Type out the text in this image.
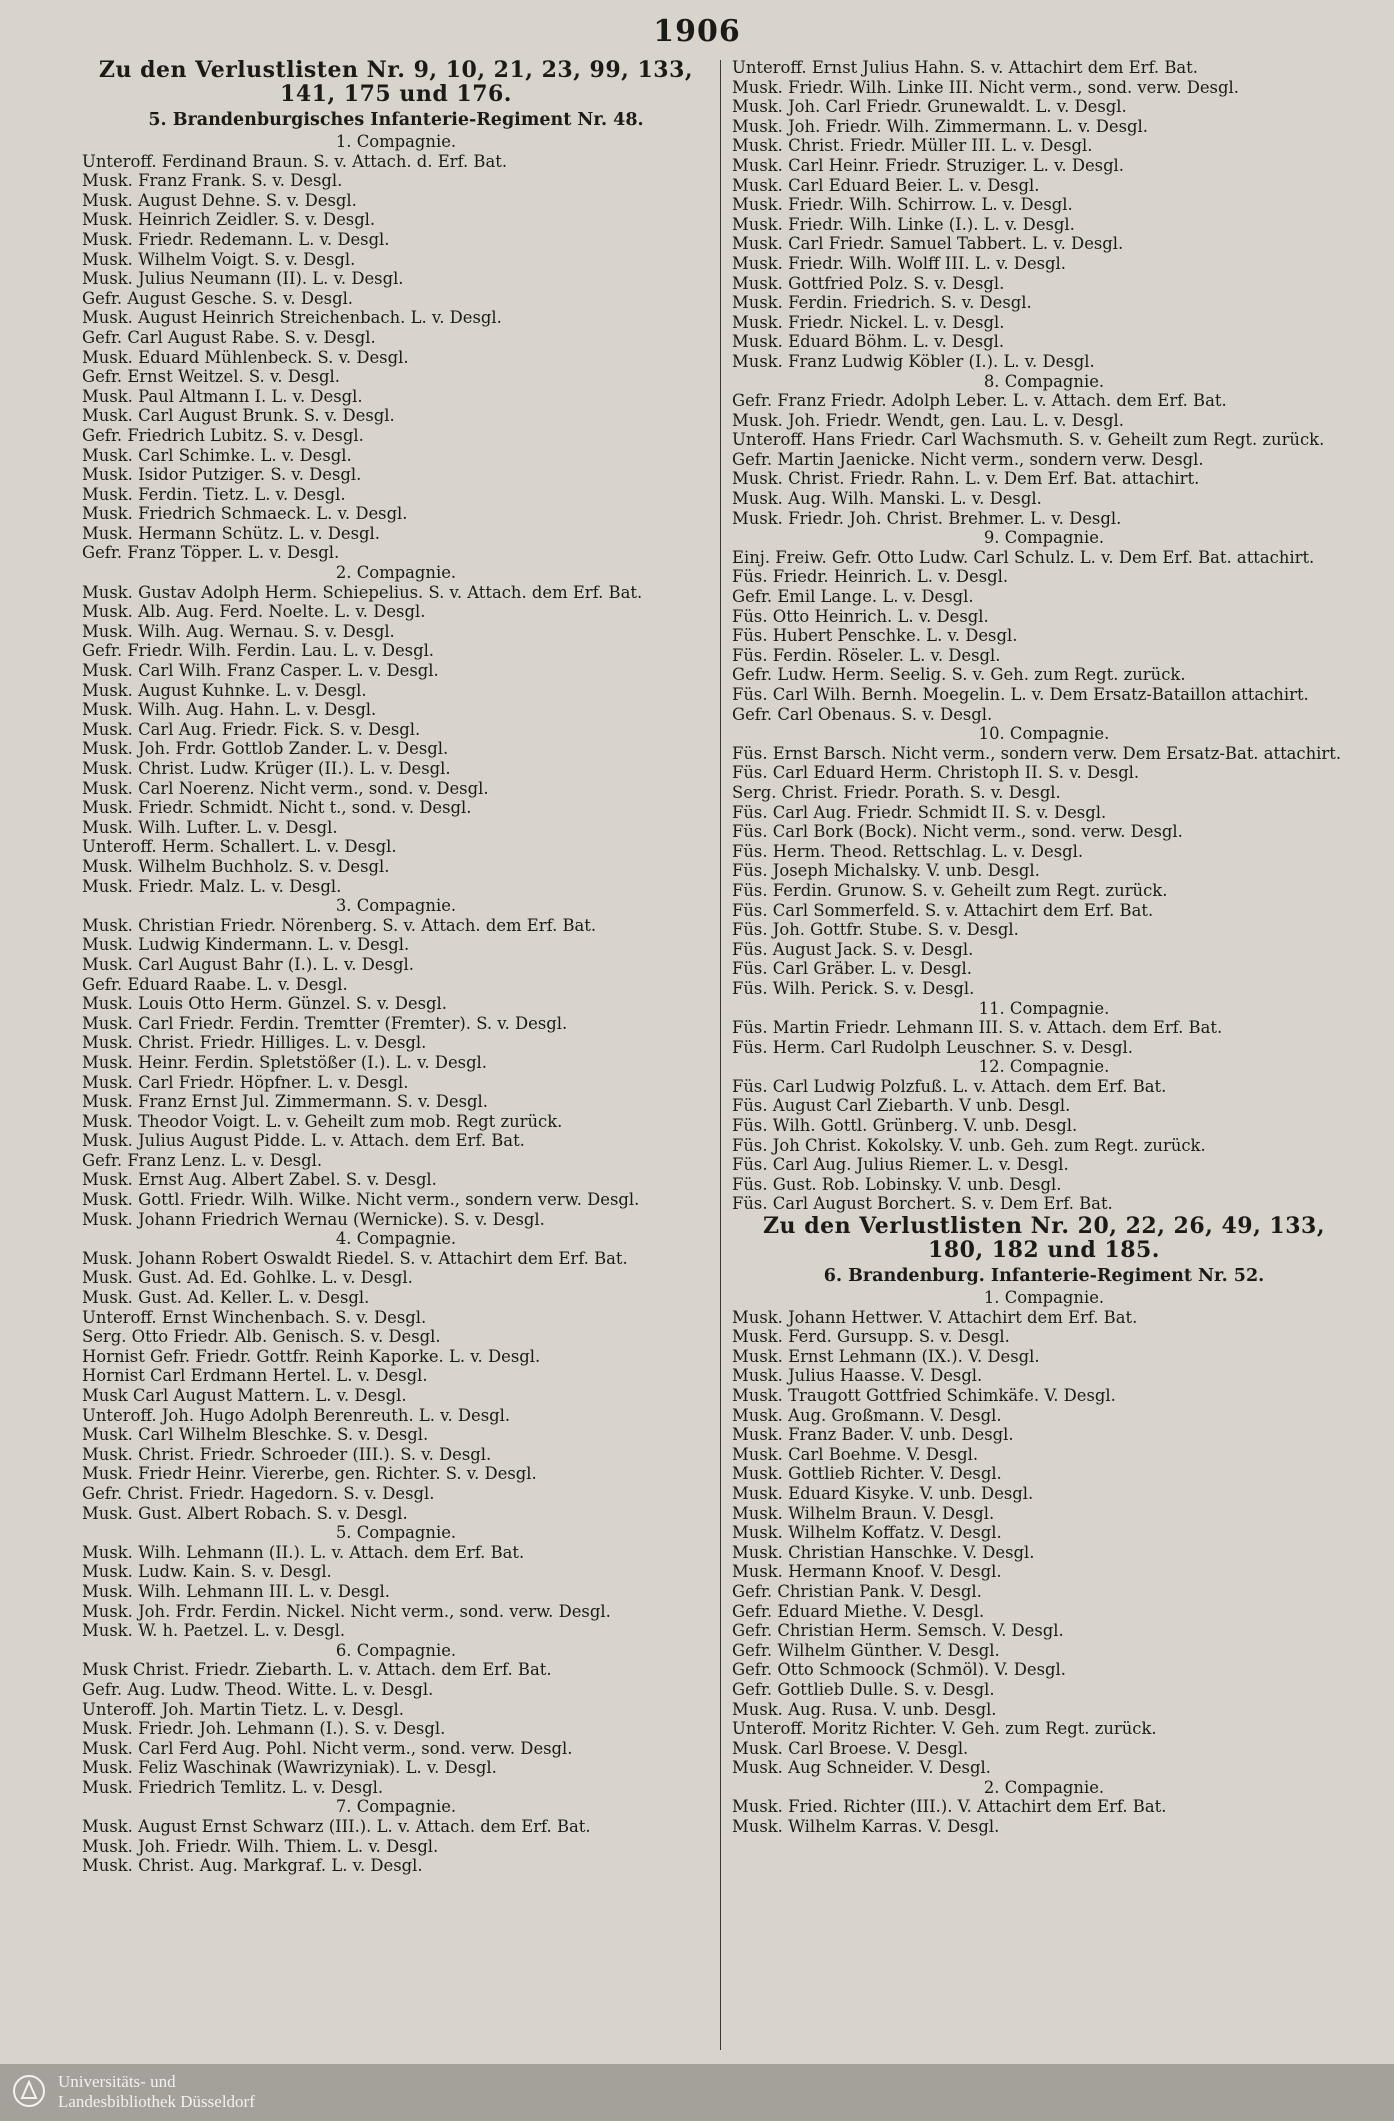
1906

Zu den Verlustlisten Nr. 9, 10, 21, 23, 99, 133, 141, 175 und 176.

5. Brandenburgisches Infanterie-Regiment Nr. 48.

1. Compagnie.

Unteroff. Ferdinand Braun. S. v. Attach. d. Erf. Bat.

Musk. Franz Frank. S. v. Desgl.

Musk. August Dehne. S. v. Desgl.

Musk. Heinrich Zeidler. S. v. Desgl.

Musk. Friedr. Redemann. L. v. Desgl.

Musk. Wilhelm Voigt. S. v. Desgl.

Musk. Julius Neumann (II). L. v. Desgl.

Gefr. August Gesche. S. v. Desgl.

Musk. August Heinrich Streichenbach. L. v. Desgl.

Gefr. Carl August Rabe. S. v. Desgl.

Musk. Eduard Mühlenbeck. S. v. Desgl.

Gefr. Ernst Weitzel. S. v. Desgl.

Musk. Paul Altmann I. L. v. Desgl.

Musk. Carl August Brunk. S. v. Desgl.

Gefr. Friedrich Lubitz. S. v. Desgl.

Musk. Carl Schimke. L. v. Desgl.

Musk. Isidor Putziger. S. v. Desgl.

Musk. Ferdin. Tietz. L. v. Desgl.

Musk. Friedrich Schmaeck. L. v. Desgl.

Musk. Hermann Schütz. L. v. Desgl.

Gefr. Franz Töpper. L. v. Desgl.

2. Compagnie.

Musk. Gustav Adolph Herm. Schiepelius. S. v. Attach. dem Erf. Bat.

Musk. Alb. Aug. Ferd. Noelte. L. v. Desgl.

Musk. Wilh. Aug. Wernau. S. v. Desgl.

Gefr. Friedr. Wilh. Ferdin. Lau. L. v. Desgl.

Musk. Carl Wilh. Franz Casper. L. v. Desgl.

Musk. August Kuhnke. L. v. Desgl.

Musk. Wilh. Aug. Hahn. L. v. Desgl.

Musk. Carl Aug. Friedr. Fick. S. v. Desgl.

Musk. Joh. Frdr. Gottlob Zander. L. v. Desgl.

Musk. Christ. Ludw. Krüger (II.). L. v. Desgl.

Musk. Carl Noerenz. Nicht verm., sond. v. Desgl.

Musk. Friedr. Schmidt. Nicht t., sond. v. Desgl.

Musk. Wilh. Lufter. L. v. Desgl.

Unteroff. Herm. Schallert. L. v. Desgl.

Musk. Wilhelm Buchholz. S. v. Desgl.

Musk. Friedr. Malz. L. v. Desgl.

3. Compagnie.

Musk. Christian Friedr. Nörenberg. S. v. Attach. dem Erf. Bat.

Musk. Ludwig Kindermann. L. v. Desgl.

Musk. Carl August Bahr (I.). L. v. Desgl.

Gefr. Eduard Raabe. L. v. Desgl.

Musk. Louis Otto Herm. Günzel. S. v. Desgl.

Musk. Carl Friedr. Ferdin. Tremtter (Fremter). S. v. Desgl.

Musk. Christ. Friedr. Hilliges. L. v. Desgl.

Musk. Heinr. Ferdin. Spletstößer (I.). L. v. Desgl.

Musk. Carl Friedr. Höpfner. L. v. Desgl.

Musk. Franz Ernst Jul. Zimmermann. S. v. Desgl.

Musk. Theodor Voigt. L. v. Geheilt zum mob. Regt zurück.

Musk. Julius August Pidde. L. v. Attach. dem Erf. Bat.

Gefr. Franz Lenz. L. v. Desgl.

Musk. Ernst Aug. Albert Zabel. S. v. Desgl.

Musk. Gottl. Friedr. Wilh. Wilke. Nicht verm., sondern verw. Desgl.

Musk. Johann Friedrich Wernau (Wernicke). S. v. Desgl.

4. Compagnie.

Musk. Johann Robert Oswaldt Riedel. S. v. Attachirt dem Erf. Bat.

Musk. Gust. Ad. Ed. Gohlke. L. v. Desgl.

Musk. Gust. Ad. Keller. L. v. Desgl.

Unteroff. Ernst Winchenbach. S. v. Desgl.

Serg. Otto Friedr. Alb. Genisch. S. v. Desgl.

Hornist Gefr. Friedr. Gottfr. Reinh Kaporke. L. v. Desgl.

Hornist Carl Erdmann Hertel. L. v. Desgl.

Musk Carl August Mattern. L. v. Desgl.

Unteroff. Joh. Hugo Adolph Berenreuth. L. v. Desgl.

Musk. Carl Wilhelm Bleschke. S. v. Desgl.

Musk. Christ. Friedr. Schroeder (III.). S. v. Desgl.

Musk. Friedr Heinr. Viererbe, gen. Richter. S. v. Desgl.

Gefr. Christ. Friedr. Hagedorn. S. v. Desgl.

Musk. Gust. Albert Robach. S. v. Desgl.

5. Compagnie.

Musk. Wilh. Lehmann (II.). L. v. Attach. dem Erf. Bat.

Musk. Ludw. Kain. S. v. Desgl.

Musk. Wilh. Lehmann III. L. v. Desgl.

Musk. Joh. Frdr. Ferdin. Nickel. Nicht verm., sond. verw. Desgl.

Musk. W. h. Paetzel. L. v. Desgl.

6. Compagnie.

Musk Christ. Friedr. Ziebarth. L. v. Attach. dem Erf. Bat.

Gefr. Aug. Ludw. Theod. Witte. L. v. Desgl.

Unteroff. Joh. Martin Tietz. L. v. Desgl.

Musk. Friedr. Joh. Lehmann (I.). S. v. Desgl.

Musk. Carl Ferd Aug. Pohl. Nicht verm., sond. verw. Desgl.

Musk. Feliz Waschinak (Wawrizyniak). L. v. Desgl.

Musk. Friedrich Temlitz. L. v. Desgl.

7. Compagnie.

Musk. August Ernst Schwarz (III.). L. v. Attach. dem Erf. Bat.

Musk. Joh. Friedr. Wilh. Thiem. L. v. Desgl.

Musk. Christ. Aug. Markgraf. L. v. Desgl.

Unteroff. Ernst Julius Hahn. S. v. Attachirt dem Erf. Bat.

Musk. Friedr. Wilh. Linke III. Nicht verm., sond. verw. Desgl.

Musk. Joh. Carl Friedr. Grunewaldt. L. v. Desgl.

Musk. Joh. Friedr. Wilh. Zimmermann. L. v. Desgl.

Musk. Christ. Friedr. Müller III. L. v. Desgl.

Musk. Carl Heinr. Friedr. Struziger. L. v. Desgl.

Musk. Carl Eduard Beier. L. v. Desgl.

Musk. Friedr. Wilh. Schirrow. L. v. Desgl.

Musk. Friedr. Wilh. Linke (I.). L. v. Desgl.

Musk. Carl Friedr. Samuel Tabbert. L. v. Desgl.

Musk. Friedr. Wilh. Wolff III. L. v. Desgl.

Musk. Gottfried Polz. S. v. Desgl.

Musk. Ferdin. Friedrich. S. v. Desgl.

Musk. Friedr. Nickel. L. v. Desgl.

Musk. Eduard Böhm. L. v. Desgl.

Musk. Franz Ludwig Köbler (I.). L. v. Desgl.

8. Compagnie.

Gefr. Franz Friedr. Adolph Leber. L. v. Attach. dem Erf. Bat.

Musk. Joh. Friedr. Wendt, gen. Lau. L. v. Desgl.

Unteroff. Hans Friedr. Carl Wachsmuth. S. v. Geheilt zum Regt. zurück.

Gefr. Martin Jaenicke. Nicht verm., sondern verw. Desgl.

Musk. Christ. Friedr. Rahn. L. v. Dem Erf. Bat. attachirt.

Musk. Aug. Wilh. Manski. L. v. Desgl.

Musk. Friedr. Joh. Christ. Brehmer. L. v. Desgl.

9. Compagnie.

Einj. Freiw. Gefr. Otto Ludw. Carl Schulz. L. v. Dem Erf. Bat. attachirt.

Füs. Friedr. Heinrich. L. v. Desgl.

Gefr. Emil Lange. L. v. Desgl.

Füs. Otto Heinrich. L. v. Desgl.

Füs. Hubert Penschke. L. v. Desgl.

Füs. Ferdin. Röseler. L. v. Desgl.

Gefr. Ludw. Herm. Seelig. S. v. Geh. zum Regt. zurück.

Füs. Carl Wilh. Bernh. Moegelin. L. v. Dem Ersatz-Bataillon attachirt.

Gefr. Carl Obenaus. S. v. Desgl.

10. Compagnie.

Füs. Ernst Barsch. Nicht verm., sondern verw. Dem Ersatz-Bat. attachirt.

Füs. Carl Eduard Herm. Christoph II. S. v. Desgl.

Serg. Christ. Friedr. Porath. S. v. Desgl.

Füs. Carl Aug. Friedr. Schmidt II. S. v. Desgl.

Füs. Carl Bork (Bock). Nicht verm., sond. verw. Desgl.

Füs. Herm. Theod. Rettschlag. L. v. Desgl.

Füs. Joseph Michalsky. V. unb. Desgl.

Füs. Ferdin. Grunow. S. v. Geheilt zum Regt. zurück.

Füs. Carl Sommerfeld. S. v. Attachirt dem Erf. Bat.

Füs. Joh. Gottfr. Stube. S. v. Desgl.

Füs. August Jack. S. v. Desgl.

Füs. Carl Gräber. L. v. Desgl.

Füs. Wilh. Perick. S. v. Desgl.

11. Compagnie.

Füs. Martin Friedr. Lehmann III. S. v. Attach. dem Erf. Bat.

Füs. Herm. Carl Rudolph Leuschner. S. v. Desgl.

12. Compagnie.

Füs. Carl Ludwig Polzfuß. L. v. Attach. dem Erf. Bat.

Füs. August Carl Ziebarth. V unb. Desgl.

Füs. Wilh. Gottl. Grünberg. V. unb. Desgl.

Füs. Joh Christ. Kokolsky. V. unb. Geh. zum Regt. zurück.

Füs. Carl Aug. Julius Riemer. L. v. Desgl.

Füs. Gust. Rob. Lobinsky. V. unb. Desgl.

Füs. Carl August Borchert. S. v. Dem Erf. Bat.

Zu den Verlustlisten Nr. 20, 22, 26, 49, 133, 180, 182 und 185.

6. Brandenburg. Infanterie-Regiment Nr. 52.

1. Compagnie.

Musk. Johann Hettwer. V. Attachirt dem Erf. Bat.

Musk. Ferd. Gursupp. S. v. Desgl.

Musk. Ernst Lehmann (IX.). V. Desgl.

Musk. Julius Haasse. V. Desgl.

Musk. Traugott Gottfried Schimkäfe. V. Desgl.

Musk. Aug. Großmann. V. Desgl.

Musk. Franz Bader. V. unb. Desgl.

Musk. Carl Boehme. V. Desgl.

Musk. Gottlieb Richter. V. Desgl.

Musk. Eduard Kisyke. V. unb. Desgl.

Musk. Wilhelm Braun. V. Desgl.

Musk. Wilhelm Koffatz. V. Desgl.

Musk. Christian Hanschke. V. Desgl.

Musk. Hermann Knoof. V. Desgl.

Gefr. Christian Pank. V. Desgl.

Gefr. Eduard Miethe. V. Desgl.

Gefr. Christian Herm. Semsch. V. Desgl.

Gefr. Wilhelm Günther. V. Desgl.

Gefr. Otto Schmoock (Schmöl). V. Desgl.

Gefr. Gottlieb Dulle. S. v. Desgl.

Musk. Aug. Rusa. V. unb. Desgl.

Unteroff. Moritz Richter. V. Geh. zum Regt. zurück.

Musk. Carl Broese. V. Desgl.

Musk. Aug Schneider. V. Desgl.

2. Compagnie.

Musk. Fried. Richter (III.). V. Attachirt dem Erf. Bat.

Musk. Wilhelm Karras. V. Desgl.

Universitäts- und
Landesbibliothek Düsseldorf
